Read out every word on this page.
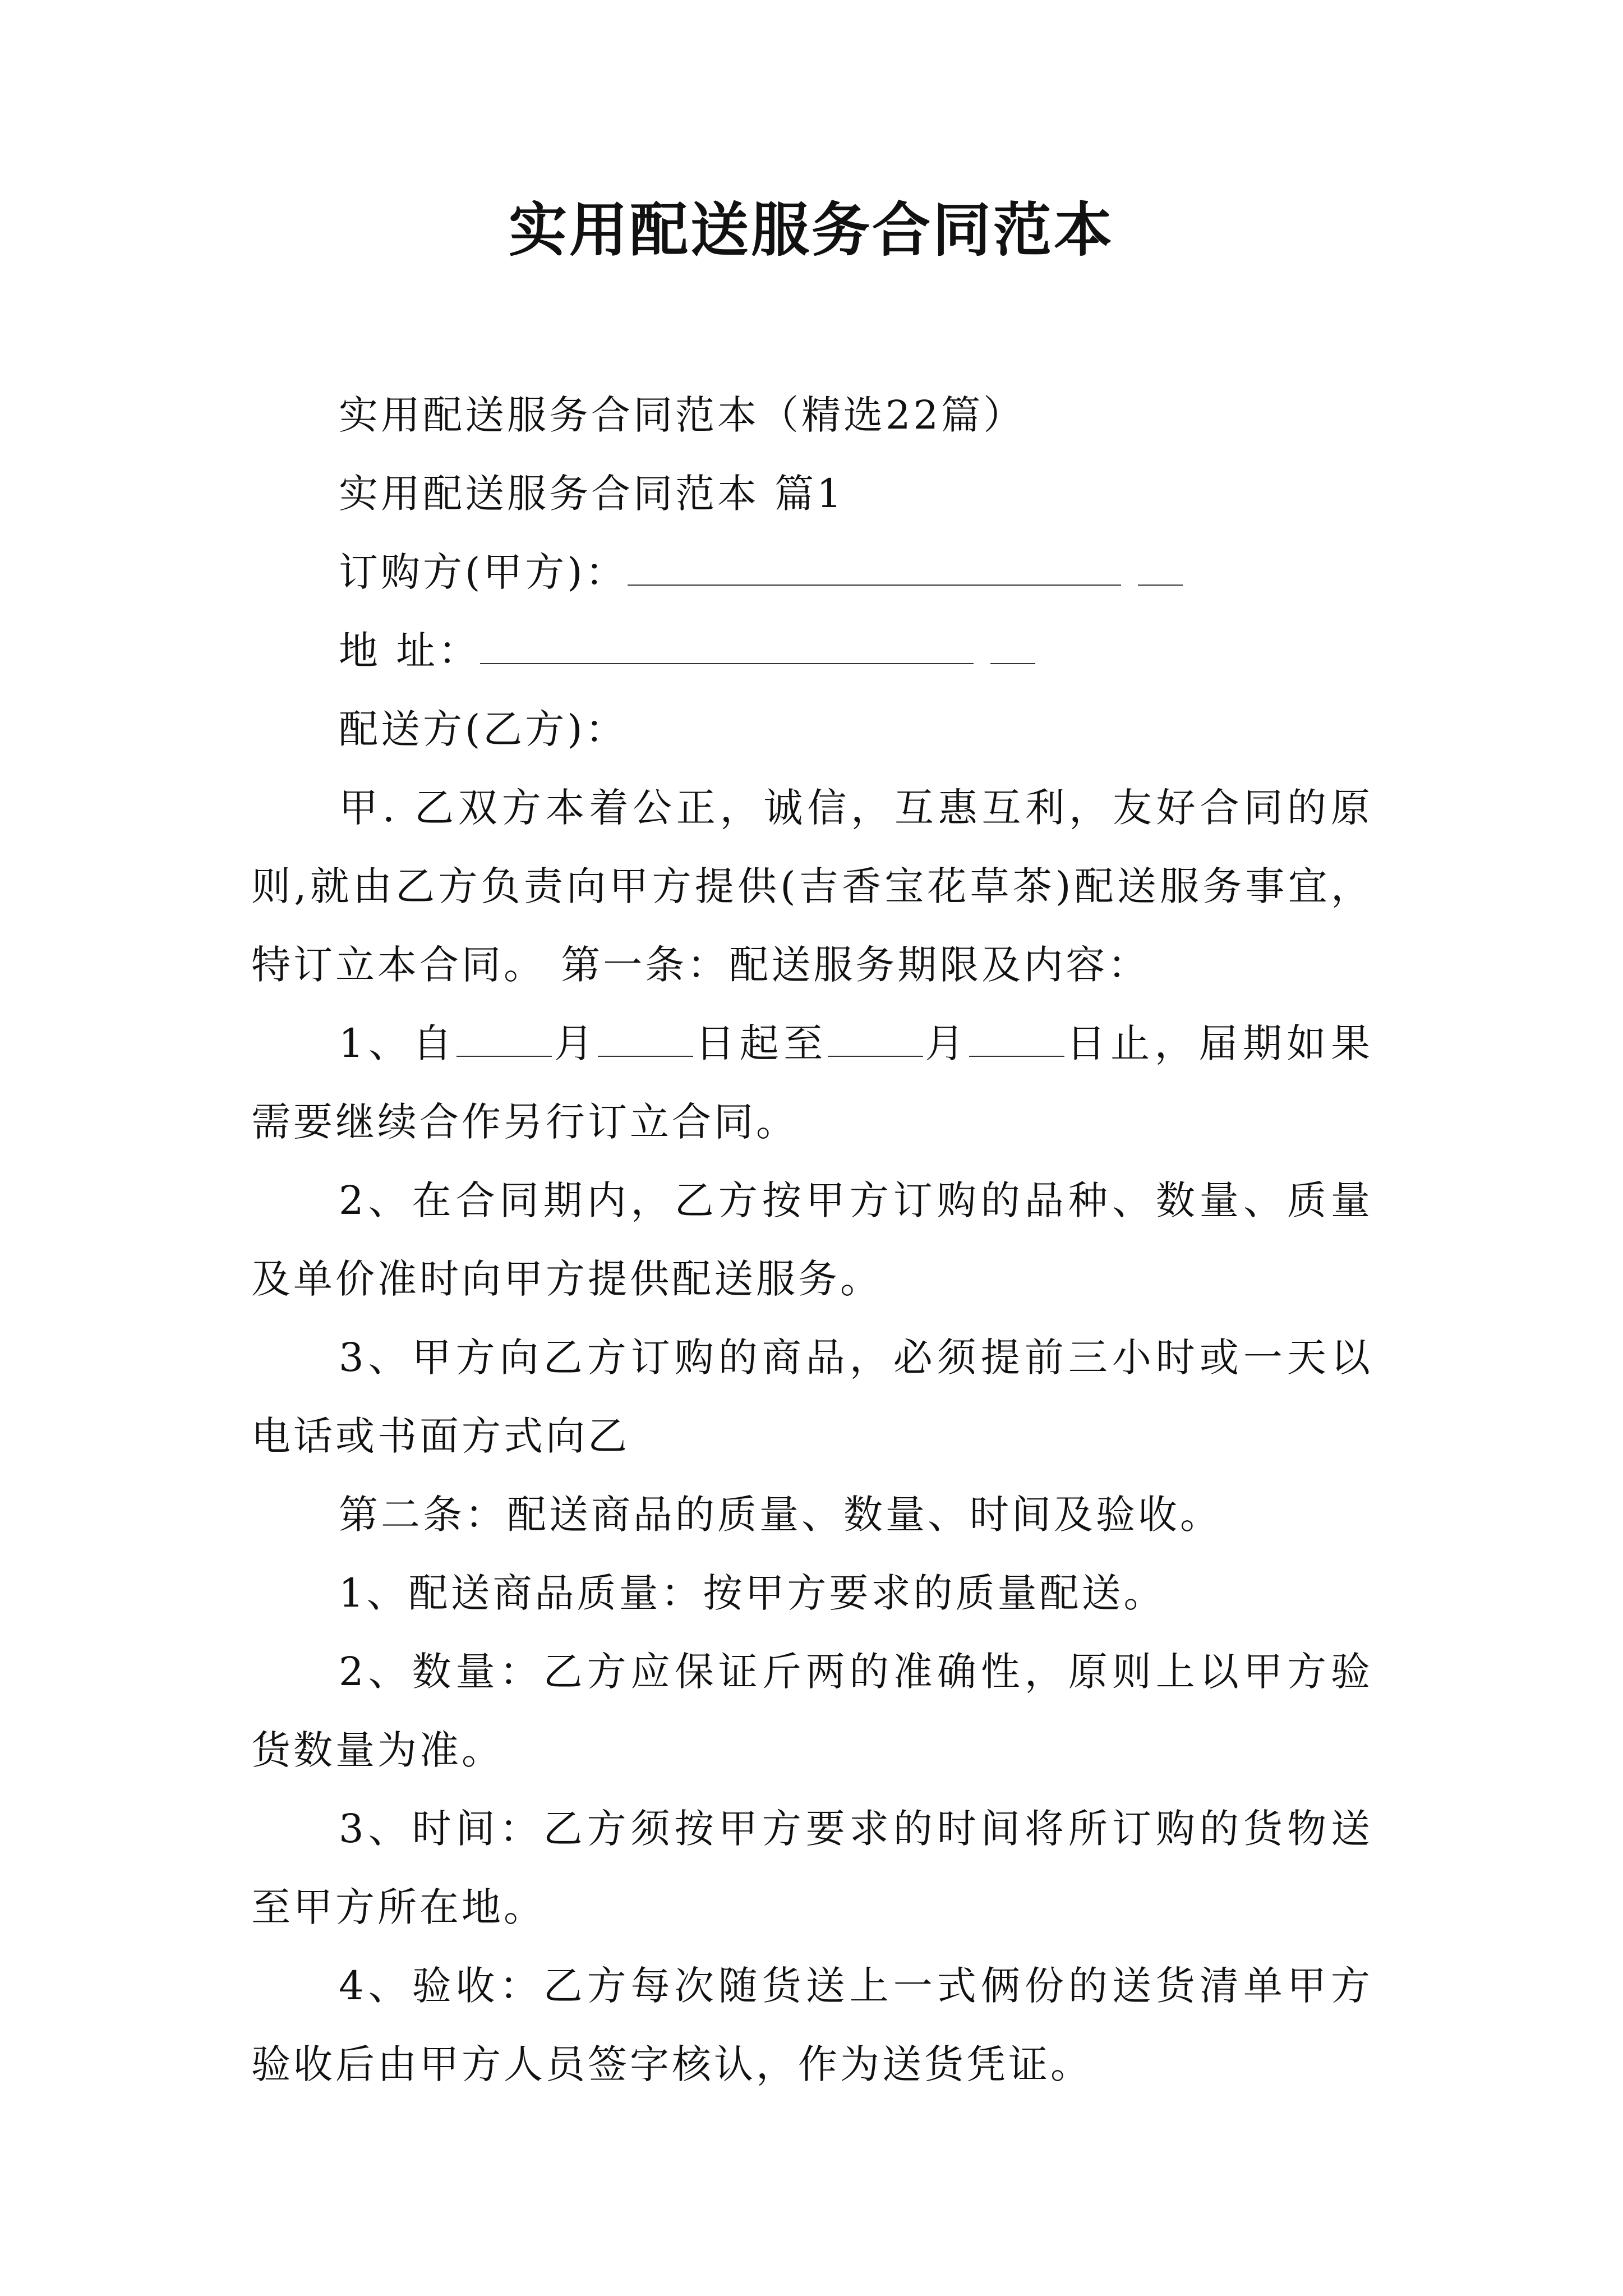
实用配送服务合同范本

实用配送服务合同范本（精选22篇）

实用配送服务合同范本 篇1

订购方(甲方)：

地 址：

配送方(乙方)：

甲. 乙双方本着公正，诚信，互惠互利，友好合同的原则,就由乙方负责向甲方提供(吉香宝花草茶)配送服务事宜，特订立本合同。 第一条：配送服务期限及内容：

1、自 月 日起至 月 日止，届期如果需要继续合作另行订立合同。

2、在合同期内，乙方按甲方订购的品种、数量、质量及单价准时向甲方提供配送服务。

3、甲方向乙方订购的商品，必须提前三小时或一天以电话或书面方式向乙

第二条：配送商品的质量、数量、时间及验收。

1、配送商品质量：按甲方要求的质量配送。

2、数量：乙方应保证斤两的准确性，原则上以甲方验货数量为准。

3、时间：乙方须按甲方要求的时间将所订购的货物送至甲方所在地。

4、验收：乙方每次随货送上一式俩份的送货清单甲方验收后由甲方人员签字核认，作为送货凭证。
